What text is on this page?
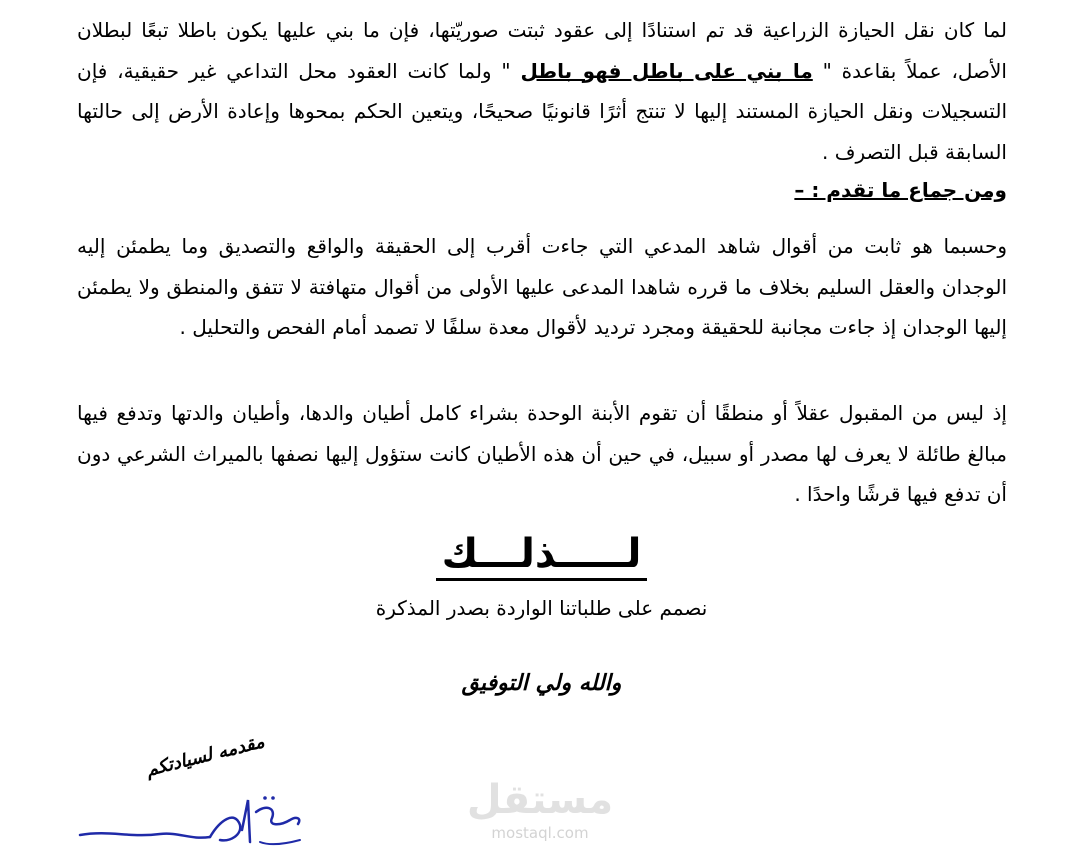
لما كان نقل الحيازة الزراعية قد تم استنادًا إلى عقود ثبتت صوريّتها، فإن ما بني عليها يكون باطلا تبعًا لبطلان الأصل، عملاً بقاعدة " ما بني على باطل فهو باطل " ولما كانت العقود محل التداعي غير حقيقية، فإن التسجيلات ونقل الحيازة المستند إليها لا تنتج أثرًا قانونيًا صحيحًا، ويتعين الحكم بمحوها وإعادة الأرض إلى حالتها السابقة قبل التصرف .

ومن جماع ما تقدم : –

وحسبما هو ثابت من أقوال شاهد المدعي التي جاءت أقرب إلى الحقيقة والواقع والتصديق وما يطمئن إليه الوجدان والعقل السليم بخلاف ما قرره شاهدا المدعى عليها الأولى من أقوال متهافتة لا تتفق والمنطق ولا يطمئن إليها الوجدان إذ جاءت مجانبة للحقيقة ومجرد ترديد لأقوال معدة سلفًا لا تصمد أمام الفحص والتحليل .

إذ ليس من المقبول عقلاً أو منطقًا أن تقوم الأبنة الوحدة بشراء كامل أطيان والدها، وأطيان والدتها وتدفع فيها مبالغ طائلة لا يعرف لها مصدر أو سبيل، في حين أن هذه الأطيان كانت ستؤول إليها نصفها بالميراث الشرعي دون أن تدفع فيها قرشًا واحدًا .

لـــــذلـــك

نصمم على طلباتنا الواردة بصدر المذكرة

والله ولي التوفيق

مقدمه لسيادتكم

مستقل
mostaql.com
